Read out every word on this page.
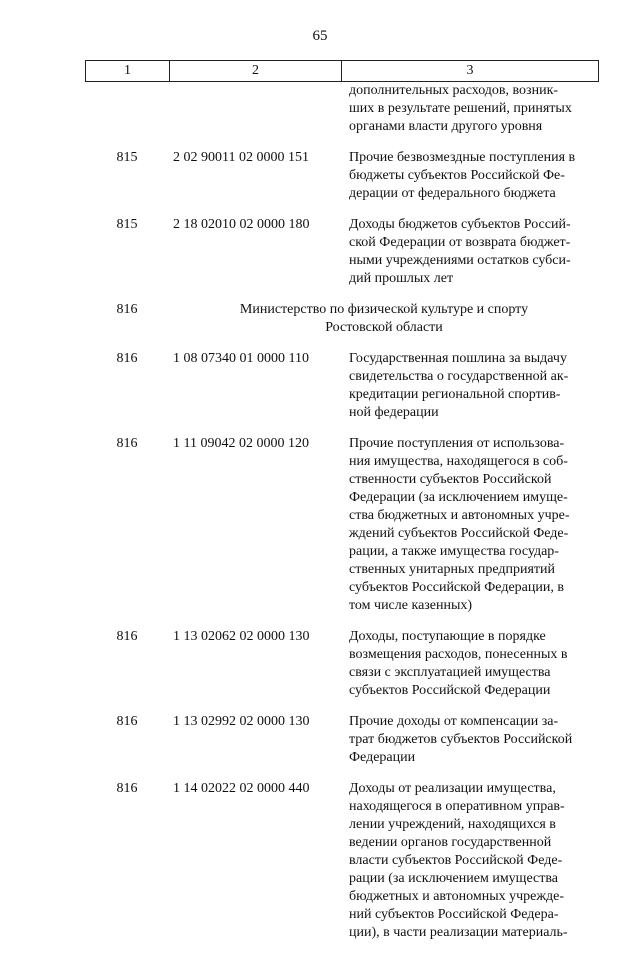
65
1	2	3
дополнительных расходов, возник-
ших в результате решений, принятых
органами власти другого уровня
815	2 02 90011 02 0000 151	Прочие безвозмездные поступления в
бюджеты субъектов Российской Фе-
дерации от федерального бюджета
815	2 18 02010 02 0000 180	Доходы бюджетов субъектов Россий-
ской Федерации от возврата бюджет-
ными учреждениями остатков субси-
дий прошлых лет
816	Министерство по физической культуре и спорту
Ростовской области
816	1 08 07340 01 0000 110	Государственная пошлина за выдачу
свидетельства о государственной ак-
кредитации региональной спортив-
ной федерации
816	1 11 09042 02 0000 120	Прочие поступления от использова-
ния имущества, находящегося в соб-
ственности субъектов Российской
Федерации (за исключением имуще-
ства бюджетных и автономных учре-
ждений субъектов Российской Феде-
рации, а также имущества государ-
ственных унитарных предприятий
субъектов Российской Федерации, в
том числе казенных)
816	1 13 02062 02 0000 130	Доходы, поступающие в порядке
возмещения расходов, понесенных в
связи с эксплуатацией имущества
субъектов Российской Федерации
816	1 13 02992 02 0000 130	Прочие доходы от компенсации за-
трат бюджетов субъектов Российской
Федерации
816	1 14 02022 02 0000 440	Доходы от реализации имущества,
находящегося в оперативном управ-
лении учреждений, находящихся в
ведении органов государственной
власти субъектов Российской Феде-
рации (за исключением имущества
бюджетных и автономных учрежде-
ний субъектов Российской Федера-
ции), в части реализации материаль-
